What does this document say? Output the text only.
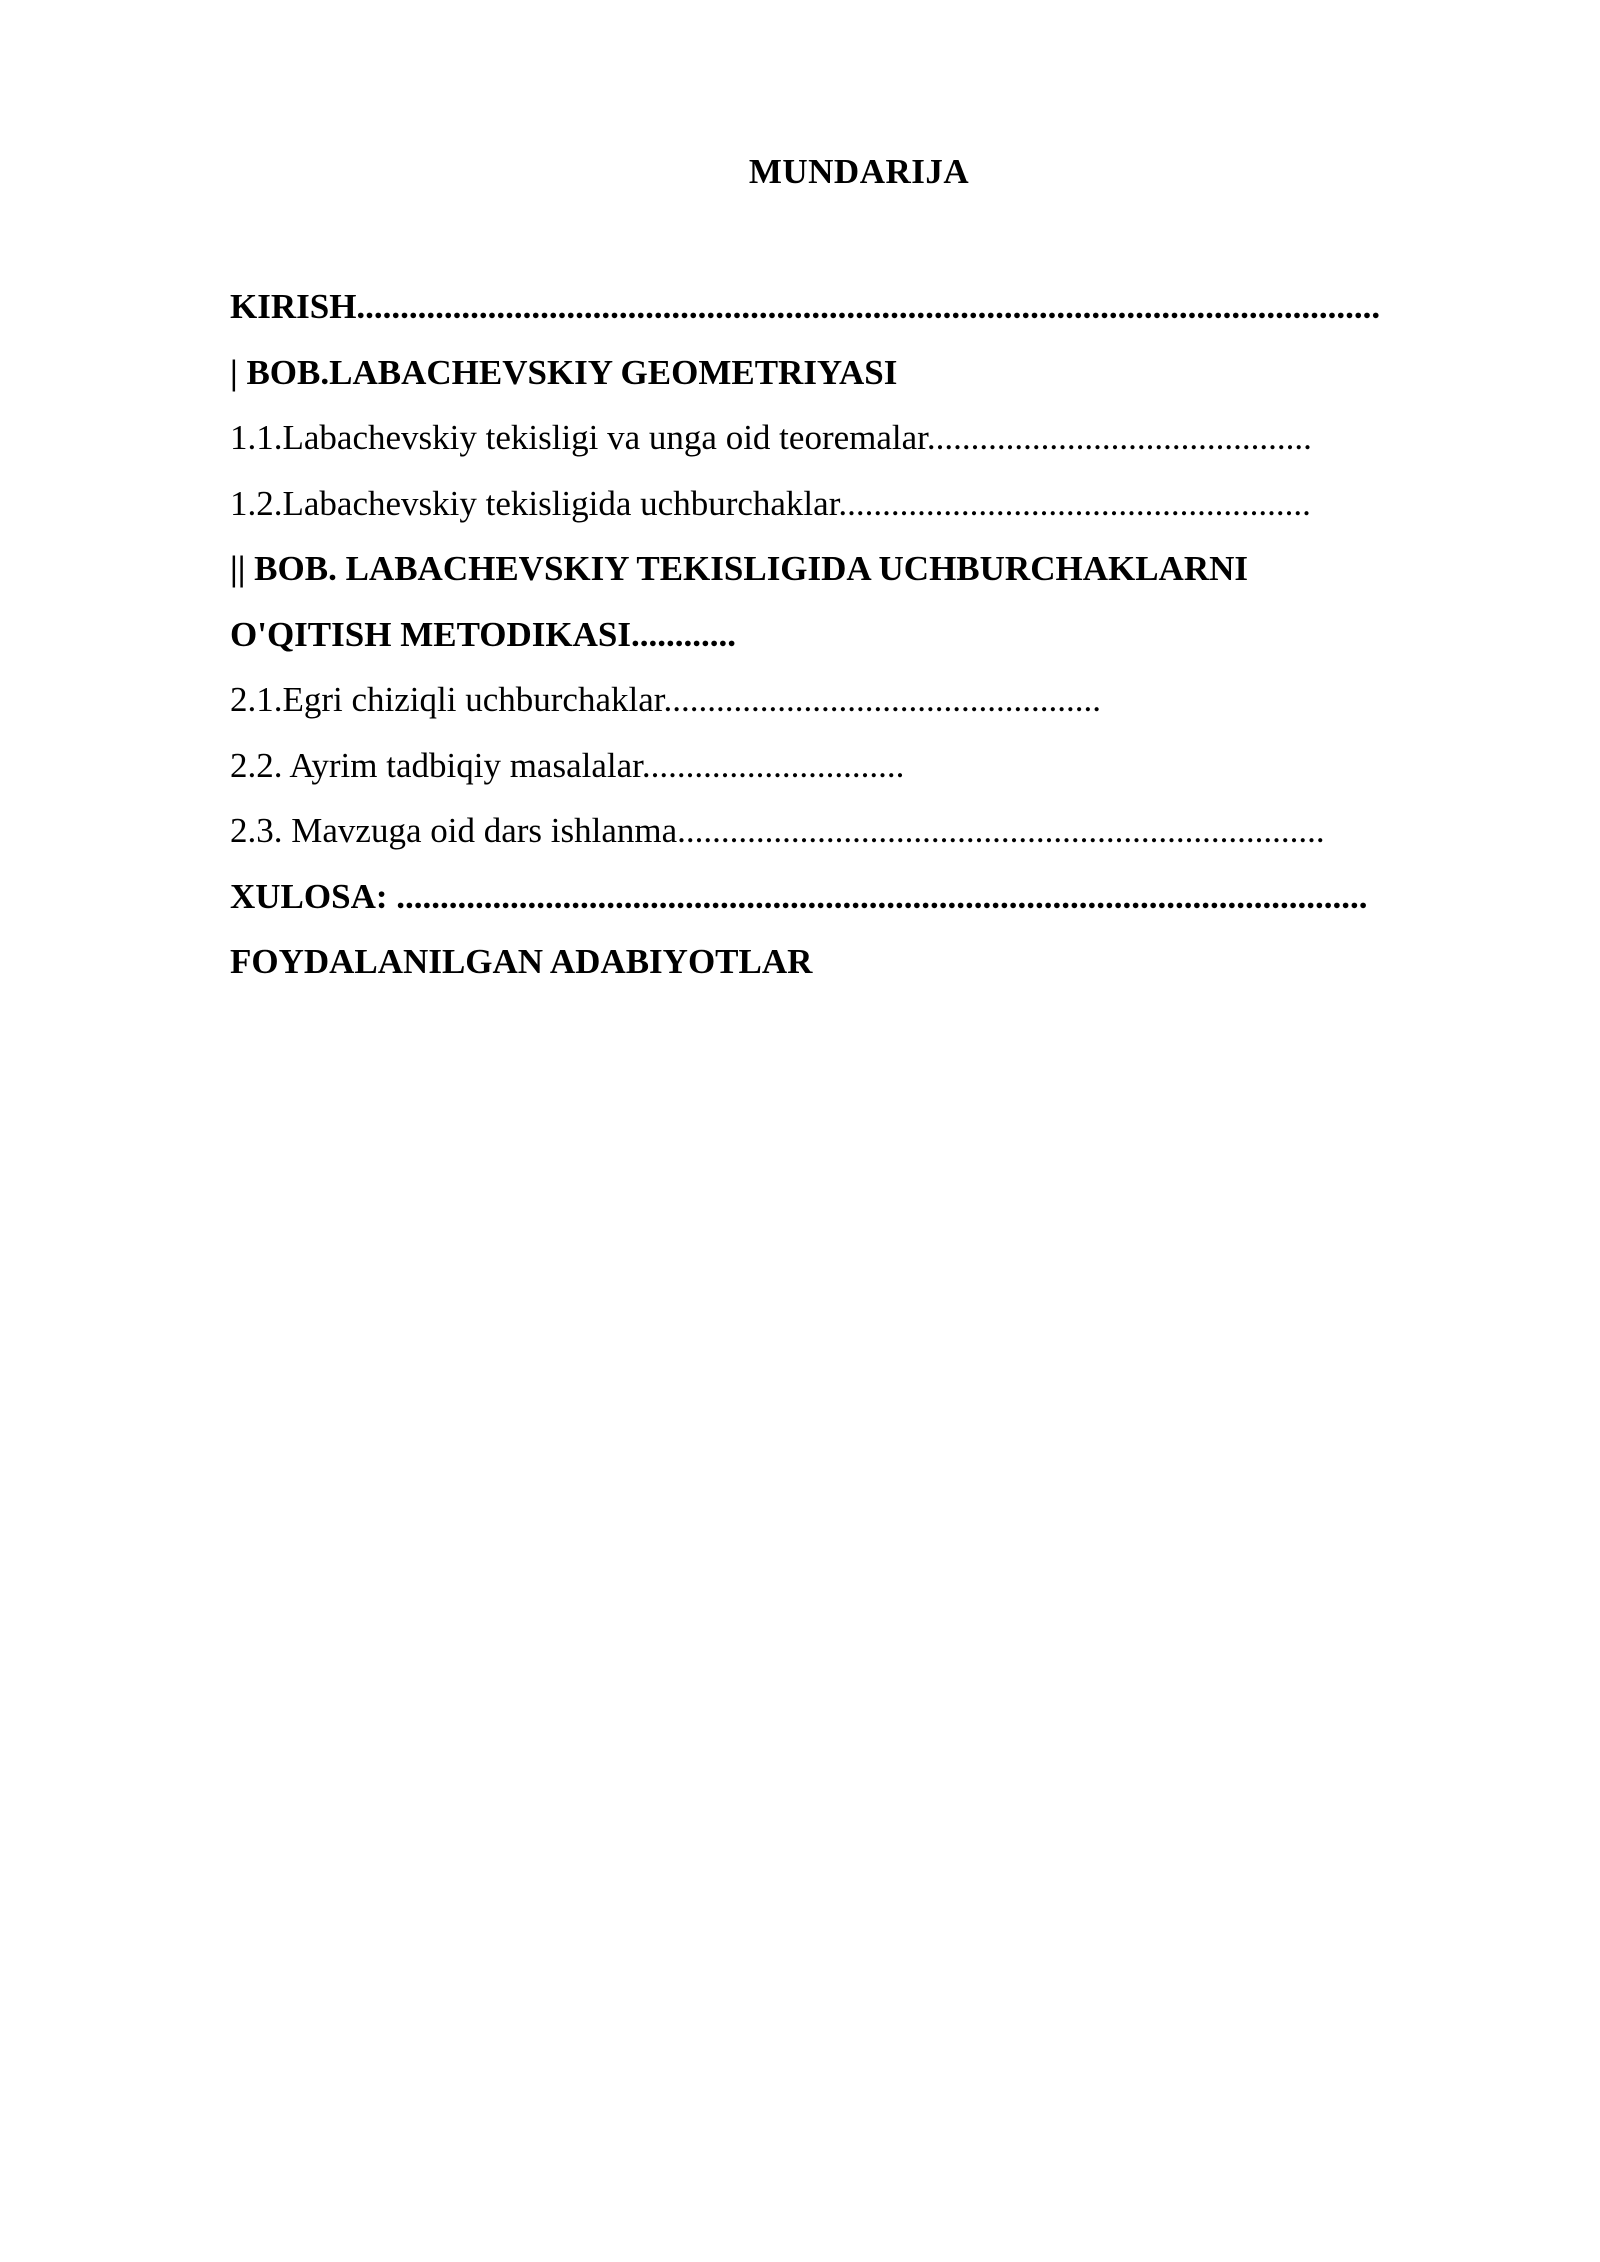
MUNDARIJA
KIRISH.....................................................................................................................
| BOB.LABACHEVSKIY GEOMETRIYASI
1.1.Labachevskiy tekisligi va unga oid teoremalar............................................
1.2.Labachevskiy tekisligida uchburchaklar......................................................
|| BOB. LABACHEVSKIY TEKISLIGIDA UCHBURCHAKLARNI
O'QITISH METODIKASI............
2.1.Egri chiziqli uchburchaklar..................................................
2.2. Ayrim tadbiqiy masalalar..............................
2.3. Mavzuga oid dars ishlanma..........................................................................
XULOSA: ...............................................................................................................
FOYDALANILGAN ADABIYOTLAR
